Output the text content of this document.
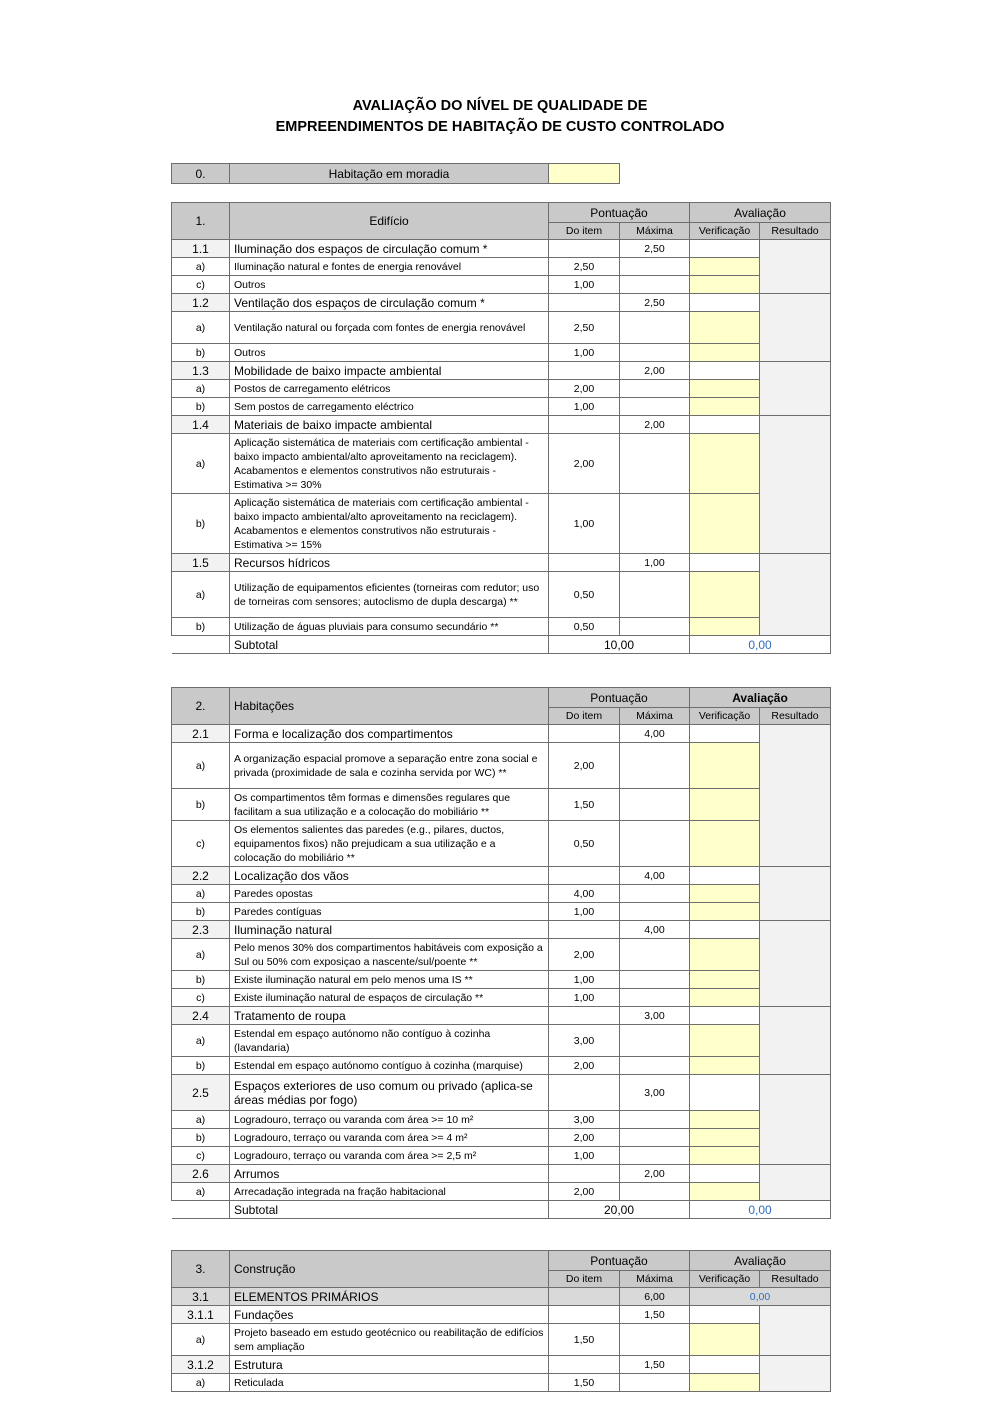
AVALIAÇÃO DO NÍVEL DE QUALIDADE DE
EMPREENDIMENTOS DE HABITAÇÃO DE CUSTO CONTROLADO
0.	Habitação em moradia	
1.	Edifício	Pontuação		Avaliação	
		Do item	Máxima	Verificação	Resultado
1.1	Iluminação dos espaços de circulação comum *		2,50		
a)	Iluminação natural e fontes de energia renovável	2,50			
c)	Outros	1,00			
1.2	Ventilação dos espaços de circulação comum *		2,50		
a)	Ventilação natural ou forçada com fontes de energia renovável	2,50			
b)	Outros	1,00			
1.3	Mobilidade de baixo impacte ambiental		2,00		
a)	Postos de carregamento elétricos	2,00			
b)	Sem postos de carregamento eléctrico	1,00			
1.4	Materiais de baixo impacte ambiental		2,00		
a)	Aplicação sistemática de materiais com certificação ambiental - baixo impacto ambiental/alto aproveitamento na reciclagem). Acabamentos e elementos construtivos não estruturais - Estimativa >= 30%	2,00			
b)	Aplicação sistemática de materiais com certificação ambiental - baixo impacto ambiental/alto aproveitamento na reciclagem). Acabamentos e elementos construtivos não estruturais - Estimativa >= 15%	1,00			
1.5	Recursos hídricos		1,00		
a)	Utilização de equipamentos eficientes (torneiras com redutor; uso de torneiras com sensores; autoclismo de dupla descarga) **	0,50			
b)	Utilização de águas pluviais para consumo secundário **	0,50			
	Subtotal	10,00		0,00	
2.	Habitações	Pontuação		Avaliação	
		Do item	Máxima	Verificação	Resultado
2.1	Forma e localização dos compartimentos		4,00		
a)	A organização espacial promove a separação entre zona social e privada (proximidade de sala e cozinha servida por WC) **	2,00			
b)	Os compartimentos têm formas e dimensões regulares que facilitam a sua utilização e a colocação do mobiliário **	1,50			
c)	Os elementos salientes das paredes (e.g., pilares, ductos, equipamentos fixos) não prejudicam a sua utilização e a colocação do mobiliário **	0,50			
2.2	Localização dos vãos		4,00		
a)	Paredes opostas	4,00			
b)	Paredes contíguas	1,00			
2.3	Iluminação natural		4,00		
a)	Pelo menos 30% dos compartimentos habitáveis com exposição a Sul ou 50% com exposiçao a nascente/sul/poente **	2,00			
b)	Existe iluminação natural em pelo menos uma IS **	1,00			
c)	Existe iluminação natural de espaços de circulação **	1,00			
2.4	Tratamento de roupa		3,00		
a)	Estendal em espaço autónomo não contíguo à cozinha (lavandaria)	3,00			
b)	Estendal em espaço autónomo contíguo à cozinha (marquise)	2,00			
2.5	Espaços exteriores de uso comum ou privado (aplica-se áreas médias por fogo)		3,00		
a)	Logradouro, terraço ou varanda com área >= 10 m²	3,00			
b)	Logradouro, terraço ou varanda com área >= 4 m²	2,00			
c)	Logradouro, terraço ou varanda com área >= 2,5 m²	1,00			
2.6	Arrumos		2,00		
a)	Arrecadação integrada na fração habitacional	2,00			
	Subtotal	20,00		0,00	
3.	Construção	Pontuação		Avaliação	
		Do item	Máxima	Verificação	Resultado
3.1	ELEMENTOS PRIMÁRIOS		6,00	0,00	
3.1.1	Fundações		1,50		
a)	Projeto baseado em estudo geotécnico ou reabilitação de edifícios sem ampliação	1,50			
3.1.2	Estrutura		1,50		
a)	Reticulada	1,50			
